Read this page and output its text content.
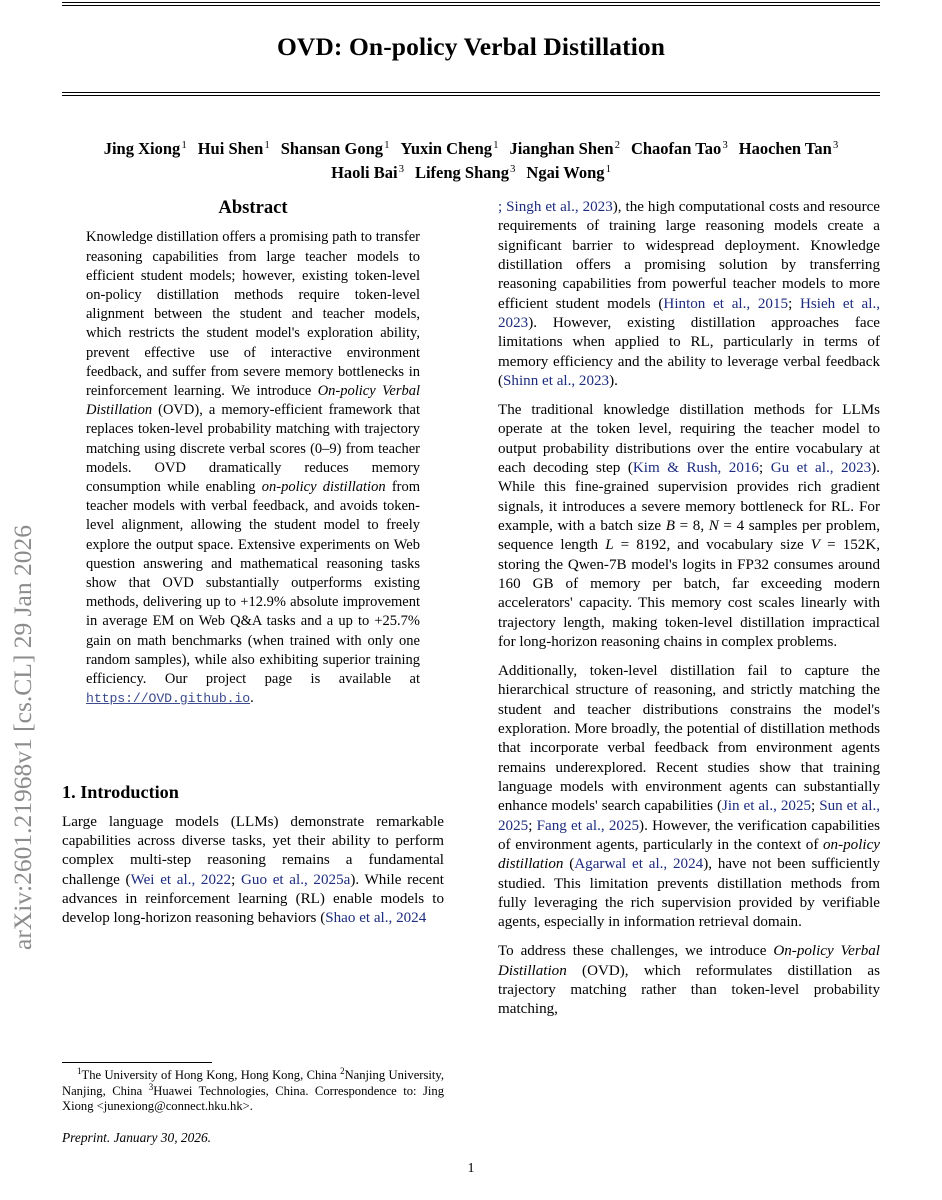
arXiv:2601.21968v1 [cs.CL] 29 Jan 2026
OVD: On-policy Verbal Distillation
Jing Xiong$^1$ Hui Shen$^1$ Shansan Gong$^1$ Yuxin Cheng$^1$ Jianghan Shen$^2$ Chaofan Tao$^3$ Haochen Tan$^3$
Haoli Bai$^3$ Lifeng Shang$^3$ Ngai Wong$^1$
Abstract
Knowledge distillation offers a promising path to transfer reasoning capabilities from large teacher models to efficient student models; however, existing token-level on-policy distillation methods require token-level alignment between the student and teacher models, which restricts the student model's exploration ability, prevent effective use of interactive environment feedback, and suffer from severe memory bottlenecks in reinforcement learning. We introduce On-policy Verbal Distillation (OVD), a memory-efficient framework that replaces token-level probability matching with trajectory matching using discrete verbal scores (0–9) from teacher models. OVD dramatically reduces memory consumption while enabling on-policy distillation from teacher models with verbal feedback, and avoids token-level alignment, allowing the student model to freely explore the output space. Extensive experiments on Web question answering and mathematical reasoning tasks show that OVD substantially outperforms existing methods, delivering up to +12.9% absolute improvement in average EM on Web Q&A tasks and a up to +25.7% gain on math benchmarks (when trained with only one random samples), while also exhibiting superior training efficiency. Our project page is available at https://OVD.github.io.
1. Introduction

Large language models (LLMs) demonstrate remarkable capabilities across diverse tasks, yet their ability to perform complex multi-step reasoning remains a fundamental challenge (Wei et al., 2022; Guo et al., 2025a). While recent advances in reinforcement learning (RL) enable models to develop long-horizon reasoning behaviors (Shao et al., 2024

; Singh et al., 2023), the high computational costs and resource requirements of training large reasoning models create a significant barrier to widespread deployment. Knowledge distillation offers a promising solution by transferring reasoning capabilities from powerful teacher models to more efficient student models (Hinton et al., 2015; Hsieh et al., 2023). However, existing distillation approaches face limitations when applied to RL, particularly in terms of memory efficiency and the ability to leverage verbal feedback (Shinn et al., 2023).

The traditional knowledge distillation methods for LLMs operate at the token level, requiring the teacher model to output probability distributions over the entire vocabulary at each decoding step (Kim & Rush, 2016; Gu et al., 2023). While this fine-grained supervision provides rich gradient signals, it introduces a severe memory bottleneck for RL. For example, with a batch size B = 8, N = 4 samples per problem, sequence length L = 8192, and vocabulary size V = 152K, storing the Qwen-7B model's logits in FP32 consumes around 160 GB of memory per batch, far exceeding modern accelerators' capacity. This memory cost scales linearly with trajectory length, making token-level distillation impractical for long-horizon reasoning chains in complex problems.

Additionally, token-level distillation fail to capture the hierarchical structure of reasoning, and strictly matching the student and teacher distributions constrains the model's exploration. More broadly, the potential of distillation methods that incorporate verbal feedback from environment agents remains underexplored. Recent studies show that training language models with environment agents can substantially enhance models' search capabilities (Jin et al., 2025; Sun et al., 2025; Fang et al., 2025). However, the verification capabilities of environment agents, particularly in the context of on-policy distillation (Agarwal et al., 2024), have not been sufficiently studied. This limitation prevents distillation methods from fully leveraging the rich supervision provided by verifiable agents, especially in information retrieval domain.

To address these challenges, we introduce On-policy Verbal Distillation (OVD), which reformulates distillation as trajectory matching rather than token-level probability matching,

$^1$The University of Hong Kong, Hong Kong, China $^2$Nanjing University, Nanjing, China $^3$Huawei Technologies, China. Correspondence to: Jing Xiong <junexiong@connect.hku.hk>.
Preprint. January 30, 2026.
1
